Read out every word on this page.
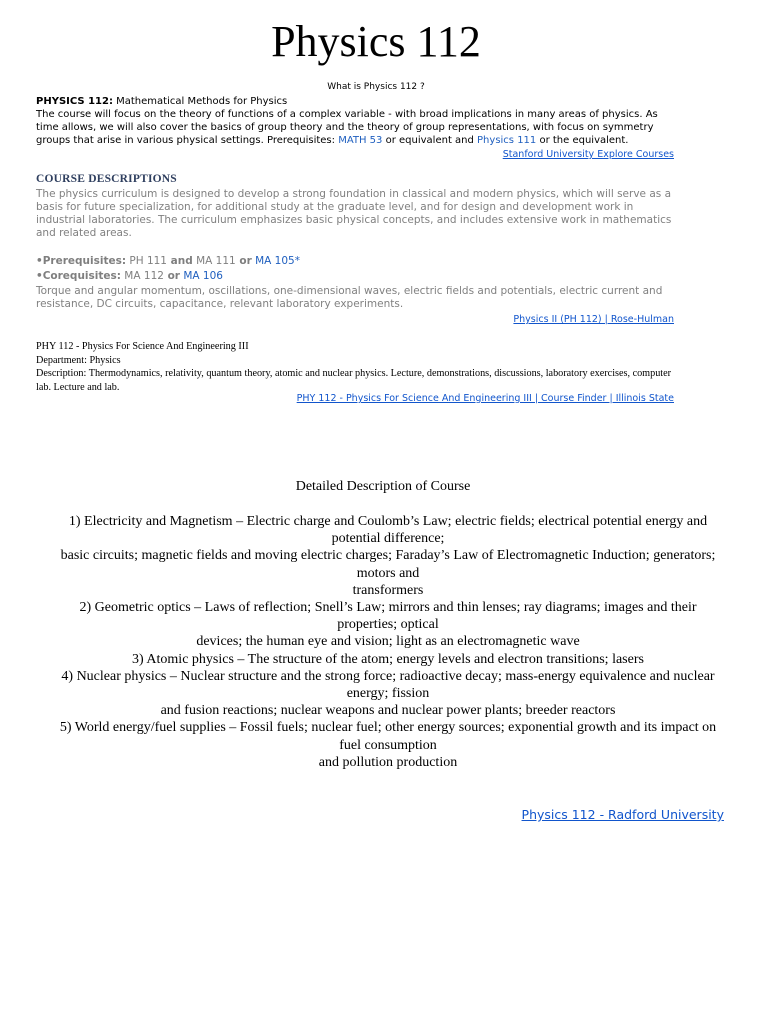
Physics 112
What is Physics 112 ?
PHYSICS 112: Mathematical Methods for Physics
The course will focus on the theory of functions of a complex variable - with broad implications in many areas of physics. As time allows, we will also cover the basics of group theory and the theory of group representations, with focus on symmetry groups that arise in various physical settings. Prerequisites: MATH 53 or equivalent and Physics 111 or the equivalent.
Stanford University Explore Courses
COURSE DESCRIPTIONS
The physics curriculum is designed to develop a strong foundation in classical and modern physics, which will serve as a basis for future specialization, for additional study at the graduate level, and for design and development work in industrial laboratories. The curriculum emphasizes basic physical concepts, and includes extensive work in mathematics and related areas.
•Prerequisites: PH 111 and MA 111 or MA 105*
•Corequisites: MA 112 or MA 106
Torque and angular momentum, oscillations, one-dimensional waves, electric fields and potentials, electric current and resistance, DC circuits, capacitance, relevant laboratory experiments.
Physics II (PH 112) | Rose-Hulman
PHY 112 - Physics For Science And Engineering III
Department: Physics
Description: Thermodynamics, relativity, quantum theory, atomic and nuclear physics. Lecture, demonstrations, discussions, laboratory exercises, computer lab. Lecture and lab.
PHY 112 - Physics For Science And Engineering III | Course Finder | Illinois State
Detailed Description of Course
1) Electricity and Magnetism – Electric charge and Coulomb’s Law; electric fields; electrical potential energy and potential difference;
basic circuits; magnetic fields and moving electric charges; Faraday’s Law of Electromagnetic Induction; generators; motors and
transformers
2) Geometric optics – Laws of reflection; Snell’s Law; mirrors and thin lenses; ray diagrams; images and their properties; optical
devices; the human eye and vision; light as an electromagnetic wave
3) Atomic physics – The structure of the atom; energy levels and electron transitions; lasers
4) Nuclear physics – Nuclear structure and the strong force; radioactive decay; mass-energy equivalence and nuclear energy; fission
and fusion reactions; nuclear weapons and nuclear power plants; breeder reactors
5) World energy/fuel supplies – Fossil fuels; nuclear fuel; other energy sources; exponential growth and its impact on fuel consumption
and pollution production
Physics 112 - Radford University
